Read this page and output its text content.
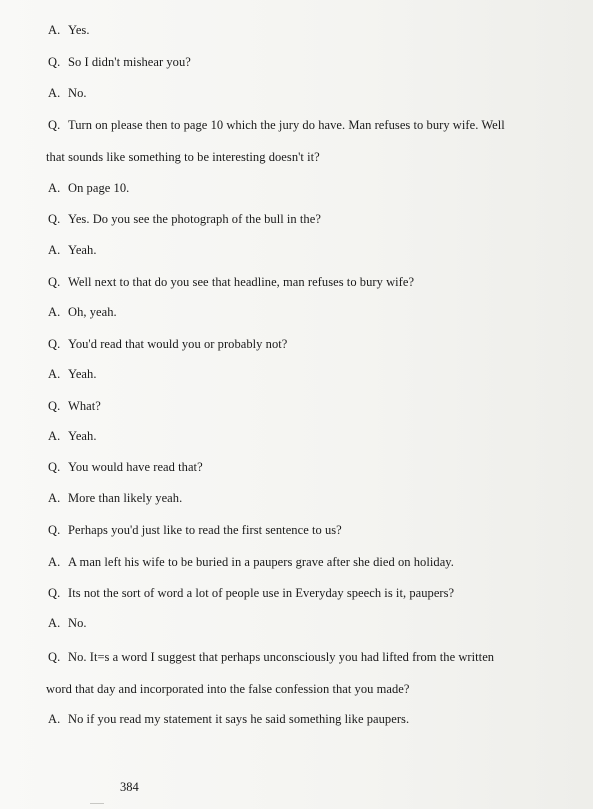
A. Yes.
Q. So I didn't mishear you?
A. No.
Q. Turn on please then to page 10 which the jury do have. Man refuses to bury wife. Well
that sounds like something to be interesting doesn't it?
A. On page 10.
Q. Yes. Do you see the photograph of the bull in the?
A. Yeah.
Q. Well next to that do you see that headline, man refuses to bury wife?
A. Oh, yeah.
Q. You'd read that would you or probably not?
A. Yeah.
Q. What?
A. Yeah.
Q. You would have read that?
A. More than likely yeah.
Q. Perhaps you'd just like to read the first sentence to us?
A. A man left his wife to be buried in a paupers grave after she died on holiday.
Q. Its not the sort of word a lot of people use in Everyday speech is it, paupers?
A. No.
Q. No. It=s a word I suggest that perhaps unconsciously you had lifted from the written
word that day and incorporated into the false confession that you made?
A. No if you read my statement it says he said something like paupers.
384
